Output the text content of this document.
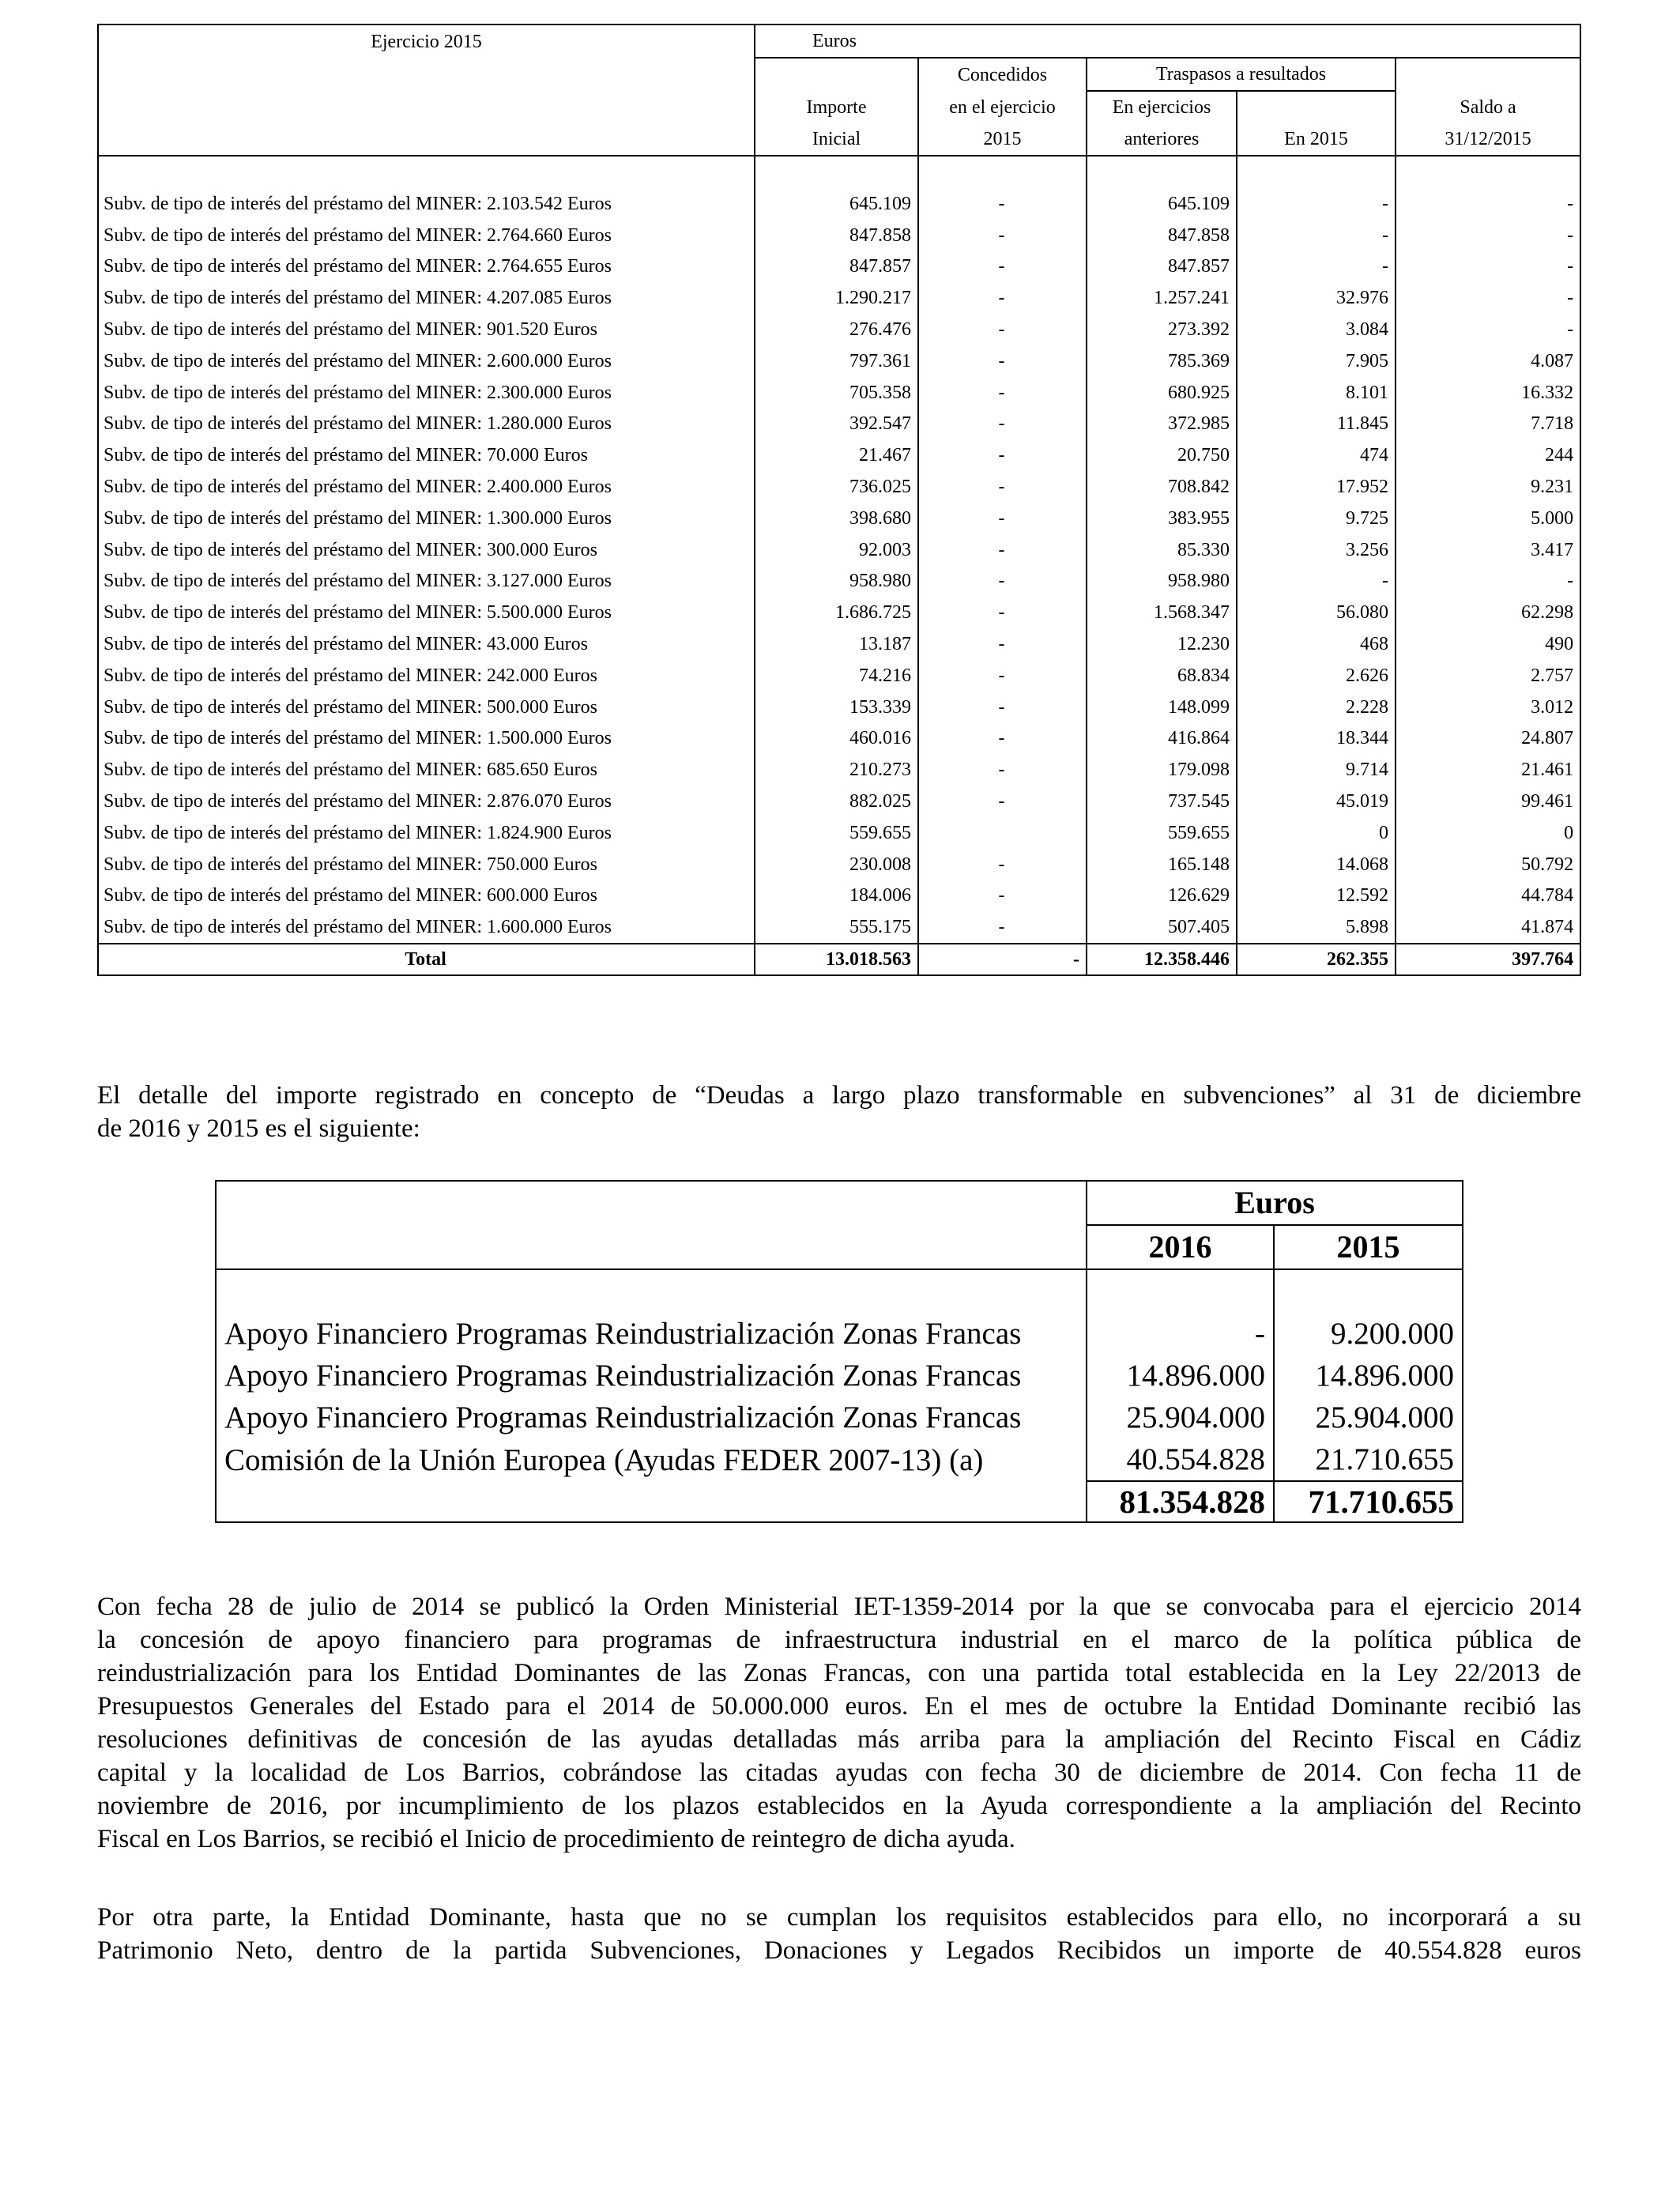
Ejercicio 2015	Euros				
		Concedidos	Traspasos a resultados		
	Importe	en el ejercicio	En ejercicios		Saldo a
	Inicial	2015	anteriores	En 2015	31/12/2015

Subv. de tipo de interés del préstamo del MINER: 2.103.542 Euros	645.109	-	645.109	-	-
Subv. de tipo de interés del préstamo del MINER: 2.764.660 Euros	847.858	-	847.858	-	-
Subv. de tipo de interés del préstamo del MINER: 2.764.655 Euros	847.857	-	847.857	-	-
Subv. de tipo de interés del préstamo del MINER: 4.207.085 Euros	1.290.217	-	1.257.241	32.976	-
Subv. de tipo de interés del préstamo del MINER: 901.520 Euros	276.476	-	273.392	3.084	-
Subv. de tipo de interés del préstamo del MINER: 2.600.000 Euros	797.361	-	785.369	7.905	4.087
Subv. de tipo de interés del préstamo del MINER: 2.300.000 Euros	705.358	-	680.925	8.101	16.332
Subv. de tipo de interés del préstamo del MINER: 1.280.000 Euros	392.547	-	372.985	11.845	7.718
Subv. de tipo de interés del préstamo del MINER: 70.000 Euros	21.467	-	20.750	474	244
Subv. de tipo de interés del préstamo del MINER: 2.400.000 Euros	736.025	-	708.842	17.952	9.231
Subv. de tipo de interés del préstamo del MINER: 1.300.000 Euros	398.680	-	383.955	9.725	5.000
Subv. de tipo de interés del préstamo del MINER: 300.000 Euros	92.003	-	85.330	3.256	3.417
Subv. de tipo de interés del préstamo del MINER: 3.127.000 Euros	958.980	-	958.980	-	-
Subv. de tipo de interés del préstamo del MINER: 5.500.000 Euros	1.686.725	-	1.568.347	56.080	62.298
Subv. de tipo de interés del préstamo del MINER: 43.000 Euros	13.187	-	12.230	468	490
Subv. de tipo de interés del préstamo del MINER: 242.000 Euros	74.216	-	68.834	2.626	2.757
Subv. de tipo de interés del préstamo del MINER: 500.000 Euros	153.339	-	148.099	2.228	3.012
Subv. de tipo de interés del préstamo del MINER: 1.500.000 Euros	460.016	-	416.864	18.344	24.807
Subv. de tipo de interés del préstamo del MINER: 685.650 Euros	210.273	-	179.098	9.714	21.461
Subv. de tipo de interés del préstamo del MINER: 2.876.070 Euros	882.025	-	737.545	45.019	99.461
Subv. de tipo de interés del préstamo del MINER: 1.824.900 Euros	559.655		559.655	0	0
Subv. de tipo de interés del préstamo del MINER: 750.000 Euros	230.008	-	165.148	14.068	50.792
Subv. de tipo de interés del préstamo del MINER: 600.000 Euros	184.006	-	126.629	12.592	44.784
Subv. de tipo de interés del préstamo del MINER: 1.600.000 Euros	555.175	-	507.405	5.898	41.874
Total	13.018.563	-	12.358.446	262.355	397.764
El detalle del importe registrado en concepto de “Deudas a largo plazo transformable en subvenciones” al 31 de diciembre
de 2016 y 2015 es el siguiente:
	Euros	
	2016	2015

Apoyo Financiero Programas Reindustrialización Zonas Francas	-	9.200.000
Apoyo Financiero Programas Reindustrialización Zonas Francas	14.896.000	14.896.000
Apoyo Financiero Programas Reindustrialización Zonas Francas	25.904.000	25.904.000
Comisión de la Unión Europea (Ayudas FEDER 2007-13) (a)	40.554.828	21.710.655
	81.354.828	71.710.655
Con fecha 28 de julio de 2014 se publicó la Orden Ministerial IET-1359-2014 por la que se convocaba para el ejercicio 2014
la concesión de apoyo financiero para programas de infraestructura industrial en el marco de la política pública de
reindustrialización para los Entidad Dominantes de las Zonas Francas, con una partida total establecida en la Ley 22/2013 de
Presupuestos Generales del Estado para el 2014 de 50.000.000 euros. En el mes de octubre la Entidad Dominante recibió las
resoluciones definitivas de concesión de las ayudas detalladas más arriba para la ampliación del Recinto Fiscal en Cádiz
capital y la localidad de Los Barrios, cobrándose las citadas ayudas con fecha 30 de diciembre de 2014. Con fecha 11 de
noviembre de 2016, por incumplimiento de los plazos establecidos en la Ayuda correspondiente a la ampliación del Recinto
Fiscal en Los Barrios, se recibió el Inicio de procedimiento de reintegro de dicha ayuda.
Por otra parte, la Entidad Dominante, hasta que no se cumplan los requisitos establecidos para ello, no incorporará a su
Patrimonio Neto, dentro de la partida Subvenciones, Donaciones y Legados Recibidos un importe de 40.554.828 euros
